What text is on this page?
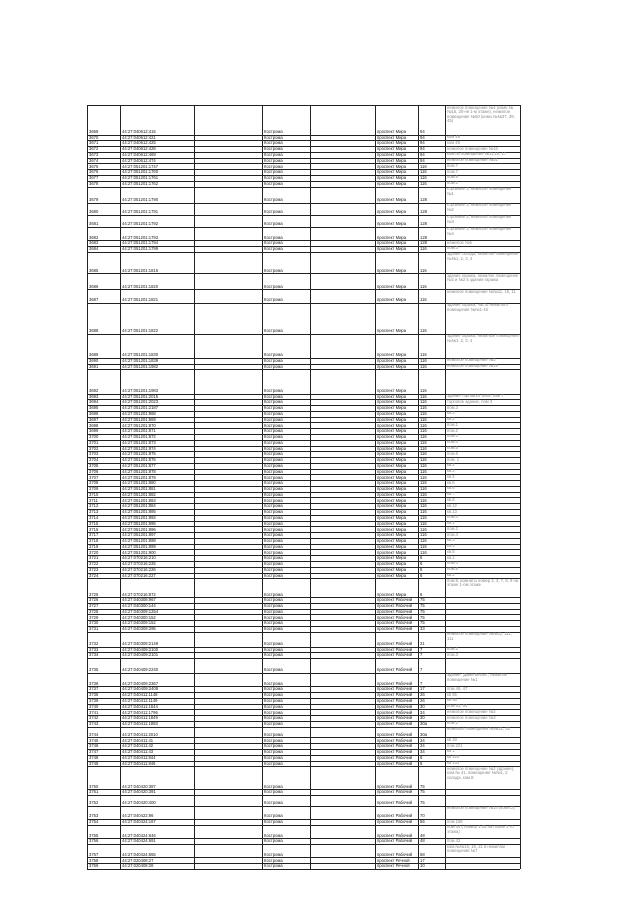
3669	44:27:040612:415	Кострома	проспект Мира	94
нежилое помещение №4 (комн.№№15, 20-ня 1-м этаже), нежилое помещение №50 (комн.№№37, 39, 45)
3670	44:27:040612:421	Кострома	проспект Мира	94	ком 48
3671	44:27:040612:425	Кострома	проспект Мира	94	ком 49
3672	44:27:040612:428	Кострома	проспект Мира	94	нежилое помещение №16
3673	44:27:040612:469	Кострома	проспект Мира	94	ком.№ помещения №11,15, 17
3674	44:27:040612:474	Кострома	проспект Мира	94	нежилое помещение №51
3675	44:27:051201:1747	Кострома	проспект Мира	116	пом.7
3676	44:27:051201:1760	Кострома	проспект Мира	116	пом.7
3677	44:27:051201:1761	Кострома	проспект Мира	116	пом.8
3678	44:27:051201:1762	Кострома	проспект Мира	116	пом.2
3679	44:27:051201:1790	Кострома	проспект Мира	128
строение 3, нежилое помещение №1
3680	44:27:051201:1791	Кострома	проспект Мира	128
строение 3, нежилое помещение №2
3681	44:27:051201:1792	Кострома	проспект Мира	128
строение 3, нежилое помещение №3
3682	44:27:051201:1793	Кострома	проспект Мира	128
строение 3, нежилое помещение №4
3683	44:27:051201:1794	Кострома	проспект Мира	128	нежилое №5
3684	44:27:051201:1799	Кострома	проспект Мира	116	пом.3
3685	44:27:051201:1816	Кострома	проспект Мира	116
здание склада, нежилое помещение №№1, 2, 3, 4
3686	44:27:051201:1820	Кострома	проспект Мира	116
здание гаража, нежилое помещение №2 и №2 в здании гаража
3687	44:27:051201:1821	Кострома	проспект Мира	116
нежилое помещение №№11, 15, 11
3688	44:27:051201:1822	Кострома	проспект Мира	116
здание гаража, часть нежилого помещения №№1-16
3689	44:27:051201:1830	Кострома	проспект Мира	116
здание гаража, нежилые помещения №№1, 2, 3, 4
3690	44:27:051201:1839	Кострома	проспект Мира	116	нежилое помещение №3
3691	44:27:051201:1982	Кострома	проспект Мира	116	нежилое помещение №19
3692	44:27:051201:1983	Кострома	проспект Мира	116
3693	44:27:051201:2015	Кострома	проспект Мира	116	здание торгового зала, ком 7
3694	44:27:051201:2023	Кострома	проспект Мира	116	торговое здание, пом 3
3695	44:27:051201:2187	Кострома	проспект Мира	116	пом.3
3696	44:27:051201:868	Кострома	проспект Мира	116	кв.2
3697	44:27:051201:869	Кострома	проспект Мира	116	кв.2
3698	44:27:051201:870	Кострома	проспект Мира	116	пом.1
3699	44:27:051201:871	Кострома	проспект Мира	116	пом.2
3700	44:27:051201:872	Кострома	проспект Мира	116	пом.3
3701	44:27:051201:873	Кострома	проспект Мира	116	пом.4
3702	44:27:051201:874	Кострома	проспект Мира	116	пом.5
3703	44:27:051201:875	Кострома	проспект Мира	116	пом.6
3704	44:27:051201:876	Кострома	проспект Мира	116	пом. 1
3705	44:27:051201:877	Кострома	проспект Мира	116	кв.2
3706	44:27:051201:878	Кострома	проспект Мира	116	кв.3
3707	44:27:051201:879	Кострома	проспект Мира	116	кв.4
3708	44:27:051201:880	Кострома	проспект Мира	116	кв.5
3709	44:27:051201:881	Кострома	проспект Мира	116	кв.6
3710	44:27:051201:882	Кострома	проспект Мира	116	кв.7
3711	44:27:051201:883	Кострома	проспект Мира	116	кв.8
3712	44:27:051201:884	Кострома	проспект Мира	116	кв.12
3713	44:27:051201:885	Кострома	проспект Мира	116	кв.13
3714	44:27:051201:892	Кострома	проспект Мира	116	пом.4
3715	44:27:051201:895	Кострома	проспект Мира	116	кв.1
3716	44:27:051201:896	Кострома	проспект Мира	116	пом.2
3717	44:27:051201:897	Кострома	проспект Мира	116	пом.4
3718	44:27:051201:898	Кострома	проспект Мира	116	кв.3
3719	44:27:051201:899	Кострома	проспект Мира	116	кв.4
3720	44:27:051201:900	Кострома	проспект Мира	116	кв.5
3721	44:27:070216:210	Кострома	проспект Мира	6	кв.1
3722	44:27:070216:225	Кострома	проспект Мира	6	пом.4
3723	44:27:070216:226	Кострома	проспект Мира	6	пом.8
3724	44:27:070216:227	Кострома	проспект Мира	6	кв.2
3725	44:27:070216:872	Кострома	проспект Мира	6
пом.9, комнаты номер 2, 3, 7, 8, 9 на этаже 1-ом этаже
3726	44:27:040308:967	Кострома	проспект Рабочий 75
3727	44:27:040300:144	Кострома	проспект Рабочий 75
3728	44:27:040309:1254	Кострома	проспект Рабочий 75
3729	44:27:040300:152	Кострома	проспект Рабочий 75
3730	44:27:040309:152	Кострома	проспект Рабочий 75
3731	44:27:040309:295	Кострома	проспект Рабочий 33
3732	44:27:040309:2149	Кострома	проспект Рабочий 21
нежилое помещение №№11, 111, 111
3733	44:27:040409:2100	Кострома	проспект Рабочий 7	пом.2
3734	44:27:040409:2101	Кострома	проспект Рабочий 7	пом.3
3735	44:27:040409:2240	Кострома	проспект Рабочий 7
3736	44:27:040409:2367	Кострома	проспект Рабочий 7
здание "Дама Весна", нежилое помещение №1
3737	44:27:040409:2408	Кострома	проспект Рабочий 17	пом 46, 47
3738	44:27:040411:1148	Кострома	проспект Рабочий 26	кв 55
3739	44:27:040411:1149	Кострома	проспект Рабочий 26	кв 56
3740	44:27:040411:1644	Кострома	проспект Рабочий 30	пом 53, 54
3741	44:27:040411:1796	Кострома	проспект Рабочий 34	нежилое помещение №2
3742	44:27:040411:1849	Кострома	проспект Рабочий 30	нежилое помещение №3
3743	44:27:040411:1893	Кострома	проспект Рабочий 30а	пом.2
3744	44:27:040411:2010	Кострома	проспект Рабочий 30а
нежилые помещения №№31, 32
3745	44:27:040411:41	Кострома	проспект Рабочий 34	кв 33
3746	44:27:040411:42	Кострома	проспект Рабочий 34	пом 221
3747	44:27:040411:43	Кострома	проспект Рабочий 34	кв 1
3748	44:27:040411:844	Кострома	проспект Рабочий 6	кв 120
3749	44:27:040411:846	Кострома	проспект Рабочий 6	кв 131
3750	44:27:040420:387	Кострома	проспект Рабочий 75
нежилое помещение №2 (здание), ком.№ 41, помещение №№1, 2 склада, ком.8
3751	44:27:040420:391	Кострома	проспект Рабочий 75
3752	44:27:040420:400	Кострома	проспект Рабочий 75
3753	44:27:040422:96	Кострома	проспект Рабочий 70
нежилое помещение №14 (комн.2)
3754	44:27:040424:167	Кострома	проспект Рабочий 56	пом 196
3755	44:27:040424:646	Кострома	проспект Рабочий 48
пом 34 ( Номер 1-25 на плане 2-го этажа)
3756	44:27:040424:691	Кострома	проспект Рабочий 48	пом 42
3757	44:27:040424:655	Кострома	проспект Рабочий 58
ком.№№16, 19, 21 в нежилом помещении №7
3758	44:27:020408:27	Кострома	проспект Речной 17
3759	44:27:020408:28	Кострома	проспект Речной 10
